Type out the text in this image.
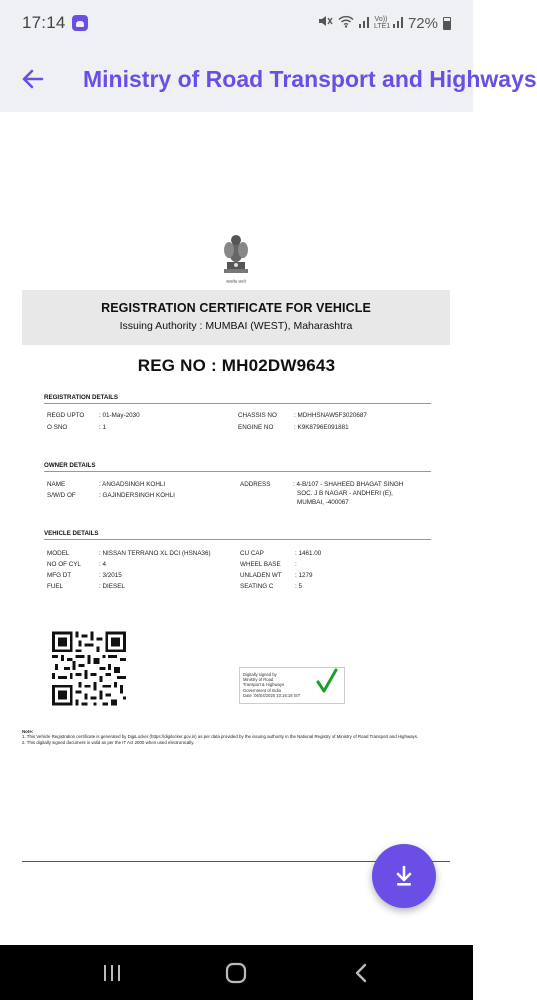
17:14	Vo)) LTE1 72%
Ministry of Road Transport and Highways
सत्यमेव जयते
REGISTRATION CERTIFICATE FOR VEHICLE
Issuing Authority : MUMBAI (WEST), Maharashtra
REG NO : MH02DW9643
REGISTRATION DETAILS
REGD UPTO : 01-May-2030
O SNO	: 1
CHASSIS NO	: MDHHSNAW5F3020687
ENGINE NO	: K9K8796E091881
OWNER DETAILS
NAME	: ANGADSINGH KOHLI
S/W/D OF	: GAJINDERSINGH KOHLI
ADDRESS	: 4-B/107 - SHAHEED BHAGAT SINGH
SOC. J B NAGAR - ANDHERI (E),
MUMBAI, -400067
VEHICLE DETAILS
MODEL	: NISSAN TERRANO XL DCI (HSNA36)
NO OF CYL	: 4
MFG DT	: 3/2015
FUEL	: DIESEL
CU CAP	: 1461.00
WHEEL BASE :
UNLADEN WT : 1279
SEATING C	: 5
Digitally signed by
Ministry of Road
Transport & Highways
Government of India
Date :06/04/2020 10:16:18 IST
Note:
1. This Vehicle Registration certificate is generated by DigiLocker (https://digilocker.gov.in) as per data provided by the issuing authority in the National Registry of Ministry of Road Transport and Highways.
2. This digitally signed document is valid as per the IT Act 2000 when used electronically.
